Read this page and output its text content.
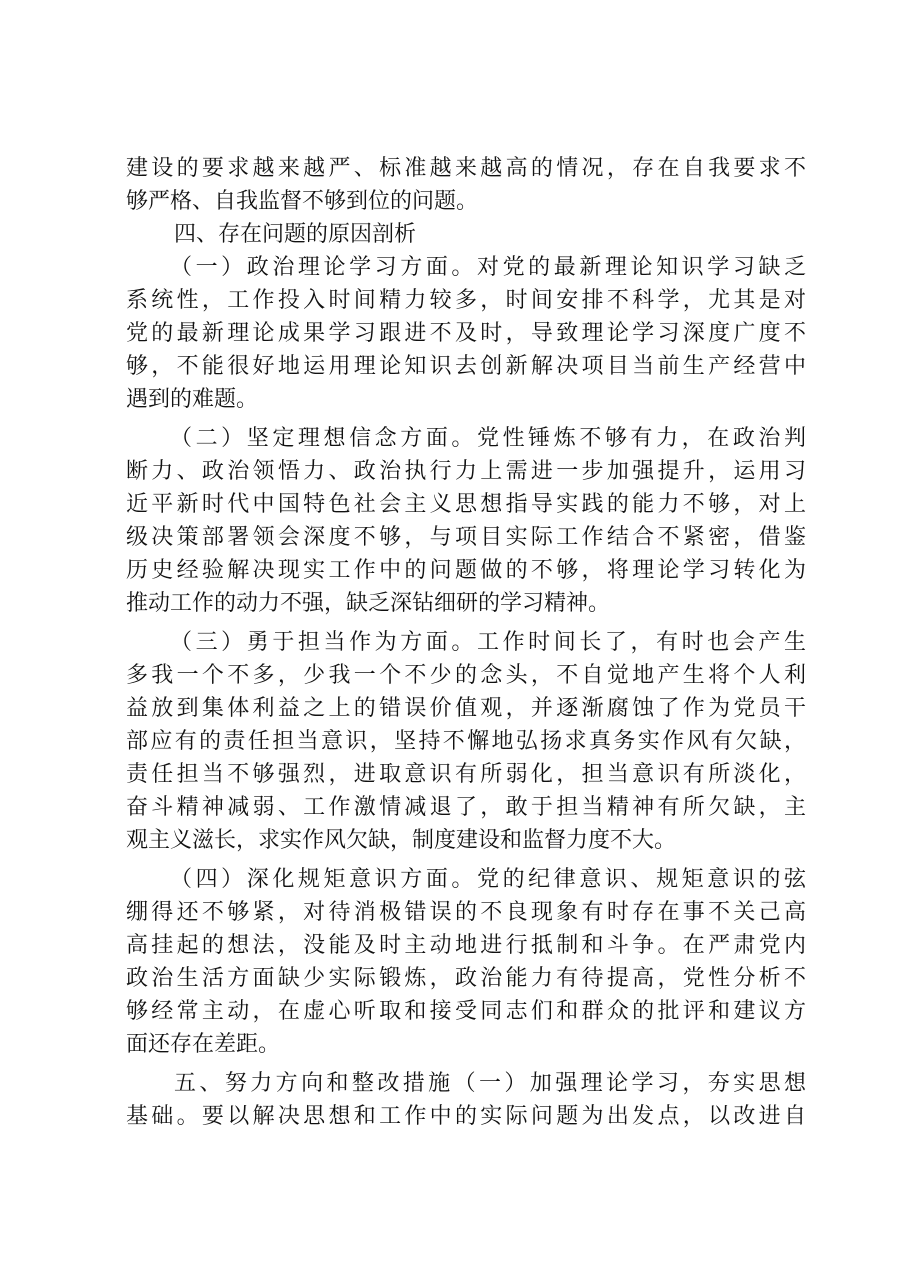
建设的要求越来越严、标准越来越高的情况，存在自我要求不
够严格、自我监督不够到位的问题。
四、存在问题的原因剖析
（一）政治理论学习方面。对党的最新理论知识学习缺乏
系统性，工作投入时间精力较多，时间安排不科学，尤其是对
党的最新理论成果学习跟进不及时，导致理论学习深度广度不
够，不能很好地运用理论知识去创新解决项目当前生产经营中
遇到的难题。
（二）坚定理想信念方面。党性锤炼不够有力，在政治判
断力、政治领悟力、政治执行力上需进一步加强提升，运用习
近平新时代中国特色社会主义思想指导实践的能力不够，对上
级决策部署领会深度不够，与项目实际工作结合不紧密，借鉴
历史经验解决现实工作中的问题做的不够，将理论学习转化为
推动工作的动力不强，缺乏深钻细研的学习精神。
（三）勇于担当作为方面。工作时间长了，有时也会产生
多我一个不多，少我一个不少的念头，不自觉地产生将个人利
益放到集体利益之上的错误价值观，并逐渐腐蚀了作为党员干
部应有的责任担当意识，坚持不懈地弘扬求真务实作风有欠缺，
责任担当不够强烈，进取意识有所弱化，担当意识有所淡化，
奋斗精神减弱、工作激情减退了，敢于担当精神有所欠缺，主
观主义滋长，求实作风欠缺，制度建设和监督力度不大。
（四）深化规矩意识方面。党的纪律意识、规矩意识的弦
绷得还不够紧，对待消极错误的不良现象有时存在事不关己高
高挂起的想法，没能及时主动地进行抵制和斗争。在严肃党内
政治生活方面缺少实际锻炼，政治能力有待提高，党性分析不
够经常主动，在虚心听取和接受同志们和群众的批评和建议方
面还存在差距。
五、努力方向和整改措施（一）加强理论学习，夯实思想
基础。要以解决思想和工作中的实际问题为出发点，以改进自
